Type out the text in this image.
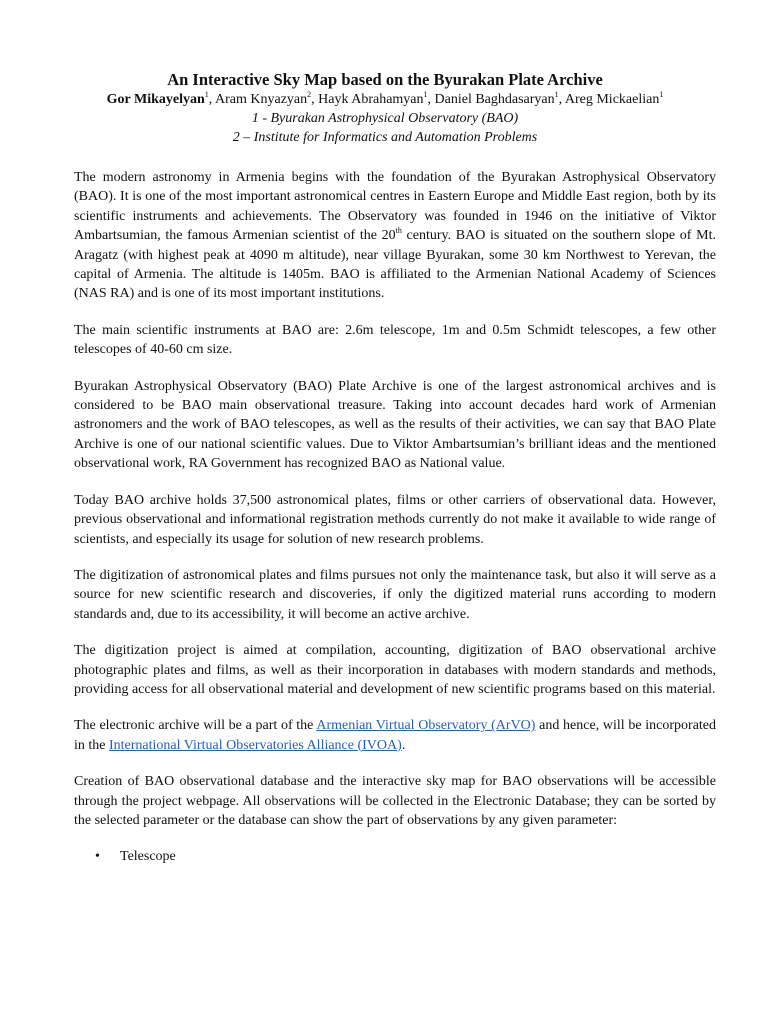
An Interactive Sky Map based on the Byurakan Plate Archive

Gor Mikayelyan$^1$, Aram Knyazyan$^2$, Hayk Abrahamyan$^1$, Daniel Baghdasaryan$^1$, Areg Mickaelian$^1$
1 - Byurakan Astrophysical Observatory (BAO)
2 – Institute for Informatics and Automation Problems

The modern astronomy in Armenia begins with the foundation of the Byurakan Astrophysical Observatory (BAO). It is one of the most important astronomical centres in Eastern Europe and Middle East region, both by its scientific instruments and achievements. The Observatory was founded in 1946 on the initiative of Viktor Ambartsumian, the famous Armenian scientist of the 20th century. BAO is situated on the southern slope of Mt. Aragatz (with highest peak at 4090 m altitude), near village Byurakan, some 30 km Northwest to Yerevan, the capital of Armenia. The altitude is 1405m. BAO is affiliated to the Armenian National Academy of Sciences (NAS RA) and is one of its most important institutions.

The main scientific instruments at BAO are: 2.6m telescope, 1m and 0.5m Schmidt telescopes, a few other telescopes of 40-60 cm size.

Byurakan Astrophysical Observatory (BAO) Plate Archive is one of the largest astronomical archives and is considered to be BAO main observational treasure. Taking into account decades hard work of Armenian astronomers and the work of BAO telescopes, as well as the results of their activities, we can say that BAO Plate Archive is one of our national scientific values. Due to Viktor Ambartsumian’s brilliant ideas and the mentioned observational work, RA Government has recognized BAO as National value.

Today BAO archive holds 37,500 astronomical plates, films or other carriers of observational data. However, previous observational and informational registration methods currently do not make it available to wide range of scientists, and especially its usage for solution of new research problems.

The digitization of astronomical plates and films pursues not only the maintenance task, but also it will serve as a source for new scientific research and discoveries, if only the digitized material runs according to modern standards and, due to its accessibility, it will become an active archive.

The digitization project is aimed at compilation, accounting, digitization of BAO observational archive photographic plates and films, as well as their incorporation in databases with modern standards and methods, providing access for all observational material and development of new scientific programs based on this material.

The electronic archive will be a part of the Armenian Virtual Observatory (ArVO) and hence, will be incorporated in the International Virtual Observatories Alliance (IVOA).

Creation of BAO observational database and the interactive sky map for BAO observations will be accessible through the project webpage. All observations will be collected in the Electronic Database; they can be sorted by the selected parameter or the database can show the part of observations by any given parameter:

• Telescope
